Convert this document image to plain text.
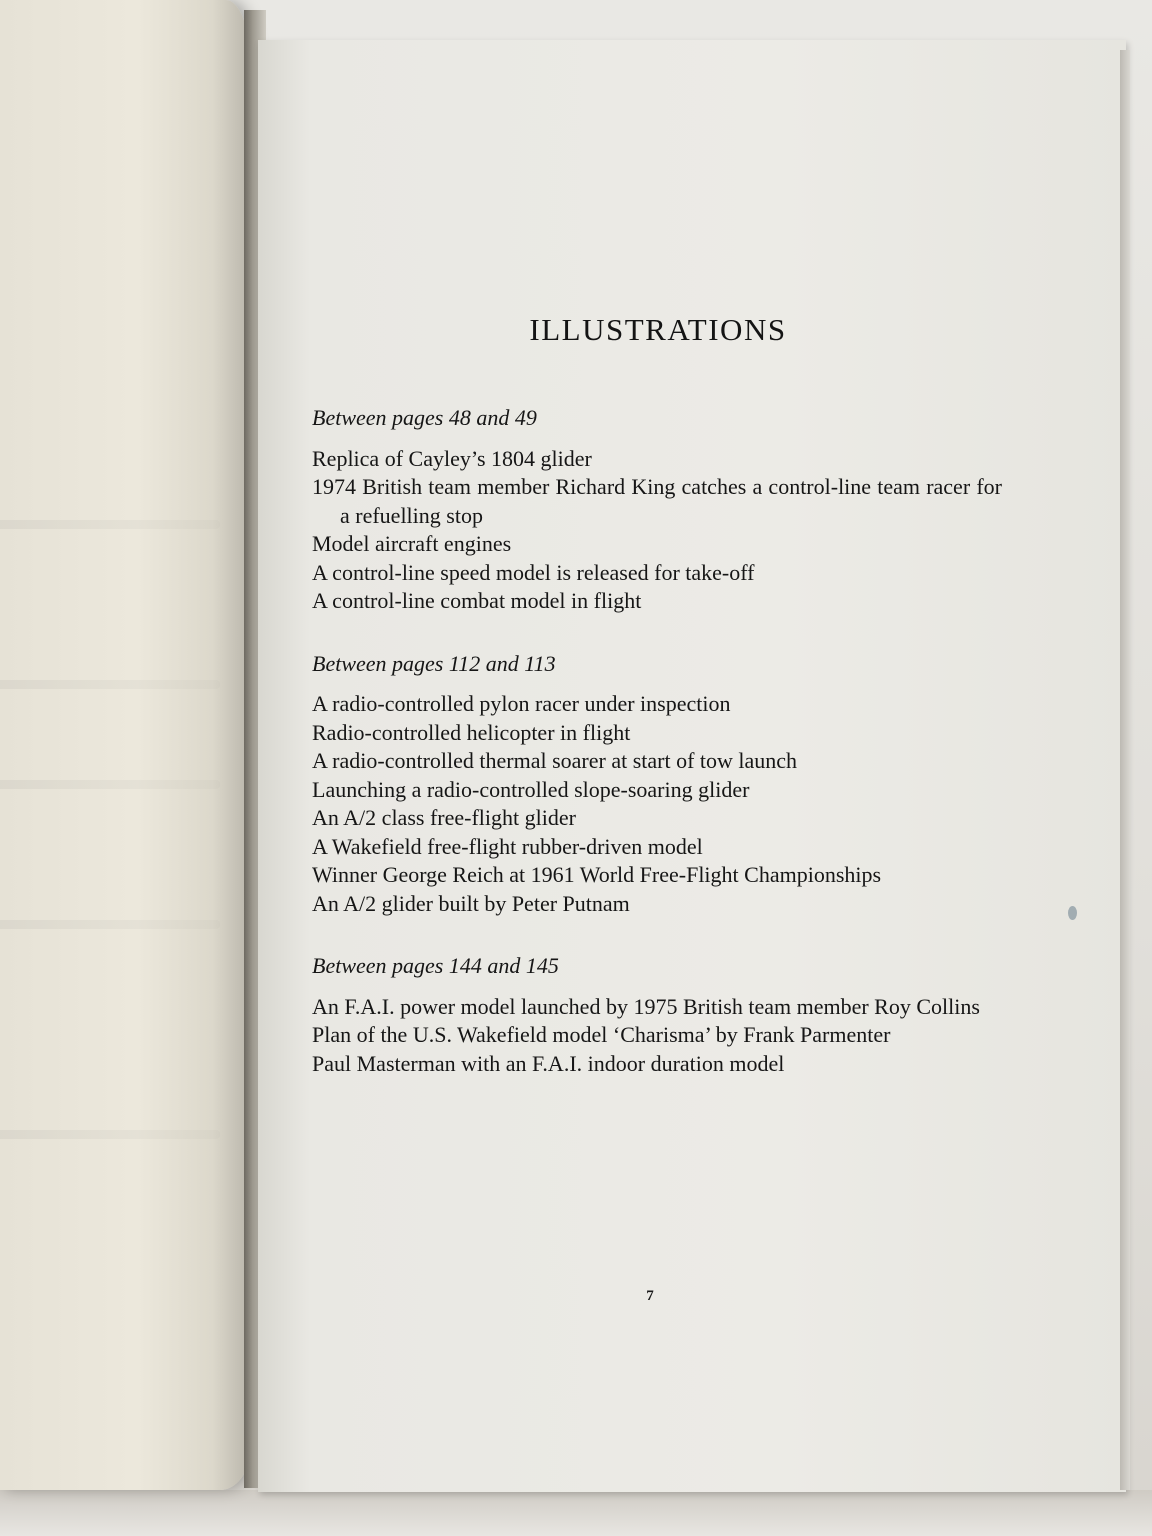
ILLUSTRATIONS

Between pages 48 and 49

Replica of Cayley’s 1804 glider

1974 British team member Richard King catches a control-line team racer for a refuelling stop

Model aircraft engines

A control-line speed model is released for take-off

A control-line combat model in flight

Between pages 112 and 113

A radio-controlled pylon racer under inspection

Radio-controlled helicopter in flight

A radio-controlled thermal soarer at start of tow launch

Launching a radio-controlled slope-soaring glider

An A/2 class free-flight glider

A Wakefield free-flight rubber-driven model

Winner George Reich at 1961 World Free-Flight Championships

An A/2 glider built by Peter Putnam

Between pages 144 and 145

An F.A.I. power model launched by 1975 British team member Roy Collins

Plan of the U.S. Wakefield model ‘Charisma’ by Frank Parmenter

Paul Masterman with an F.A.I. indoor duration model

7
